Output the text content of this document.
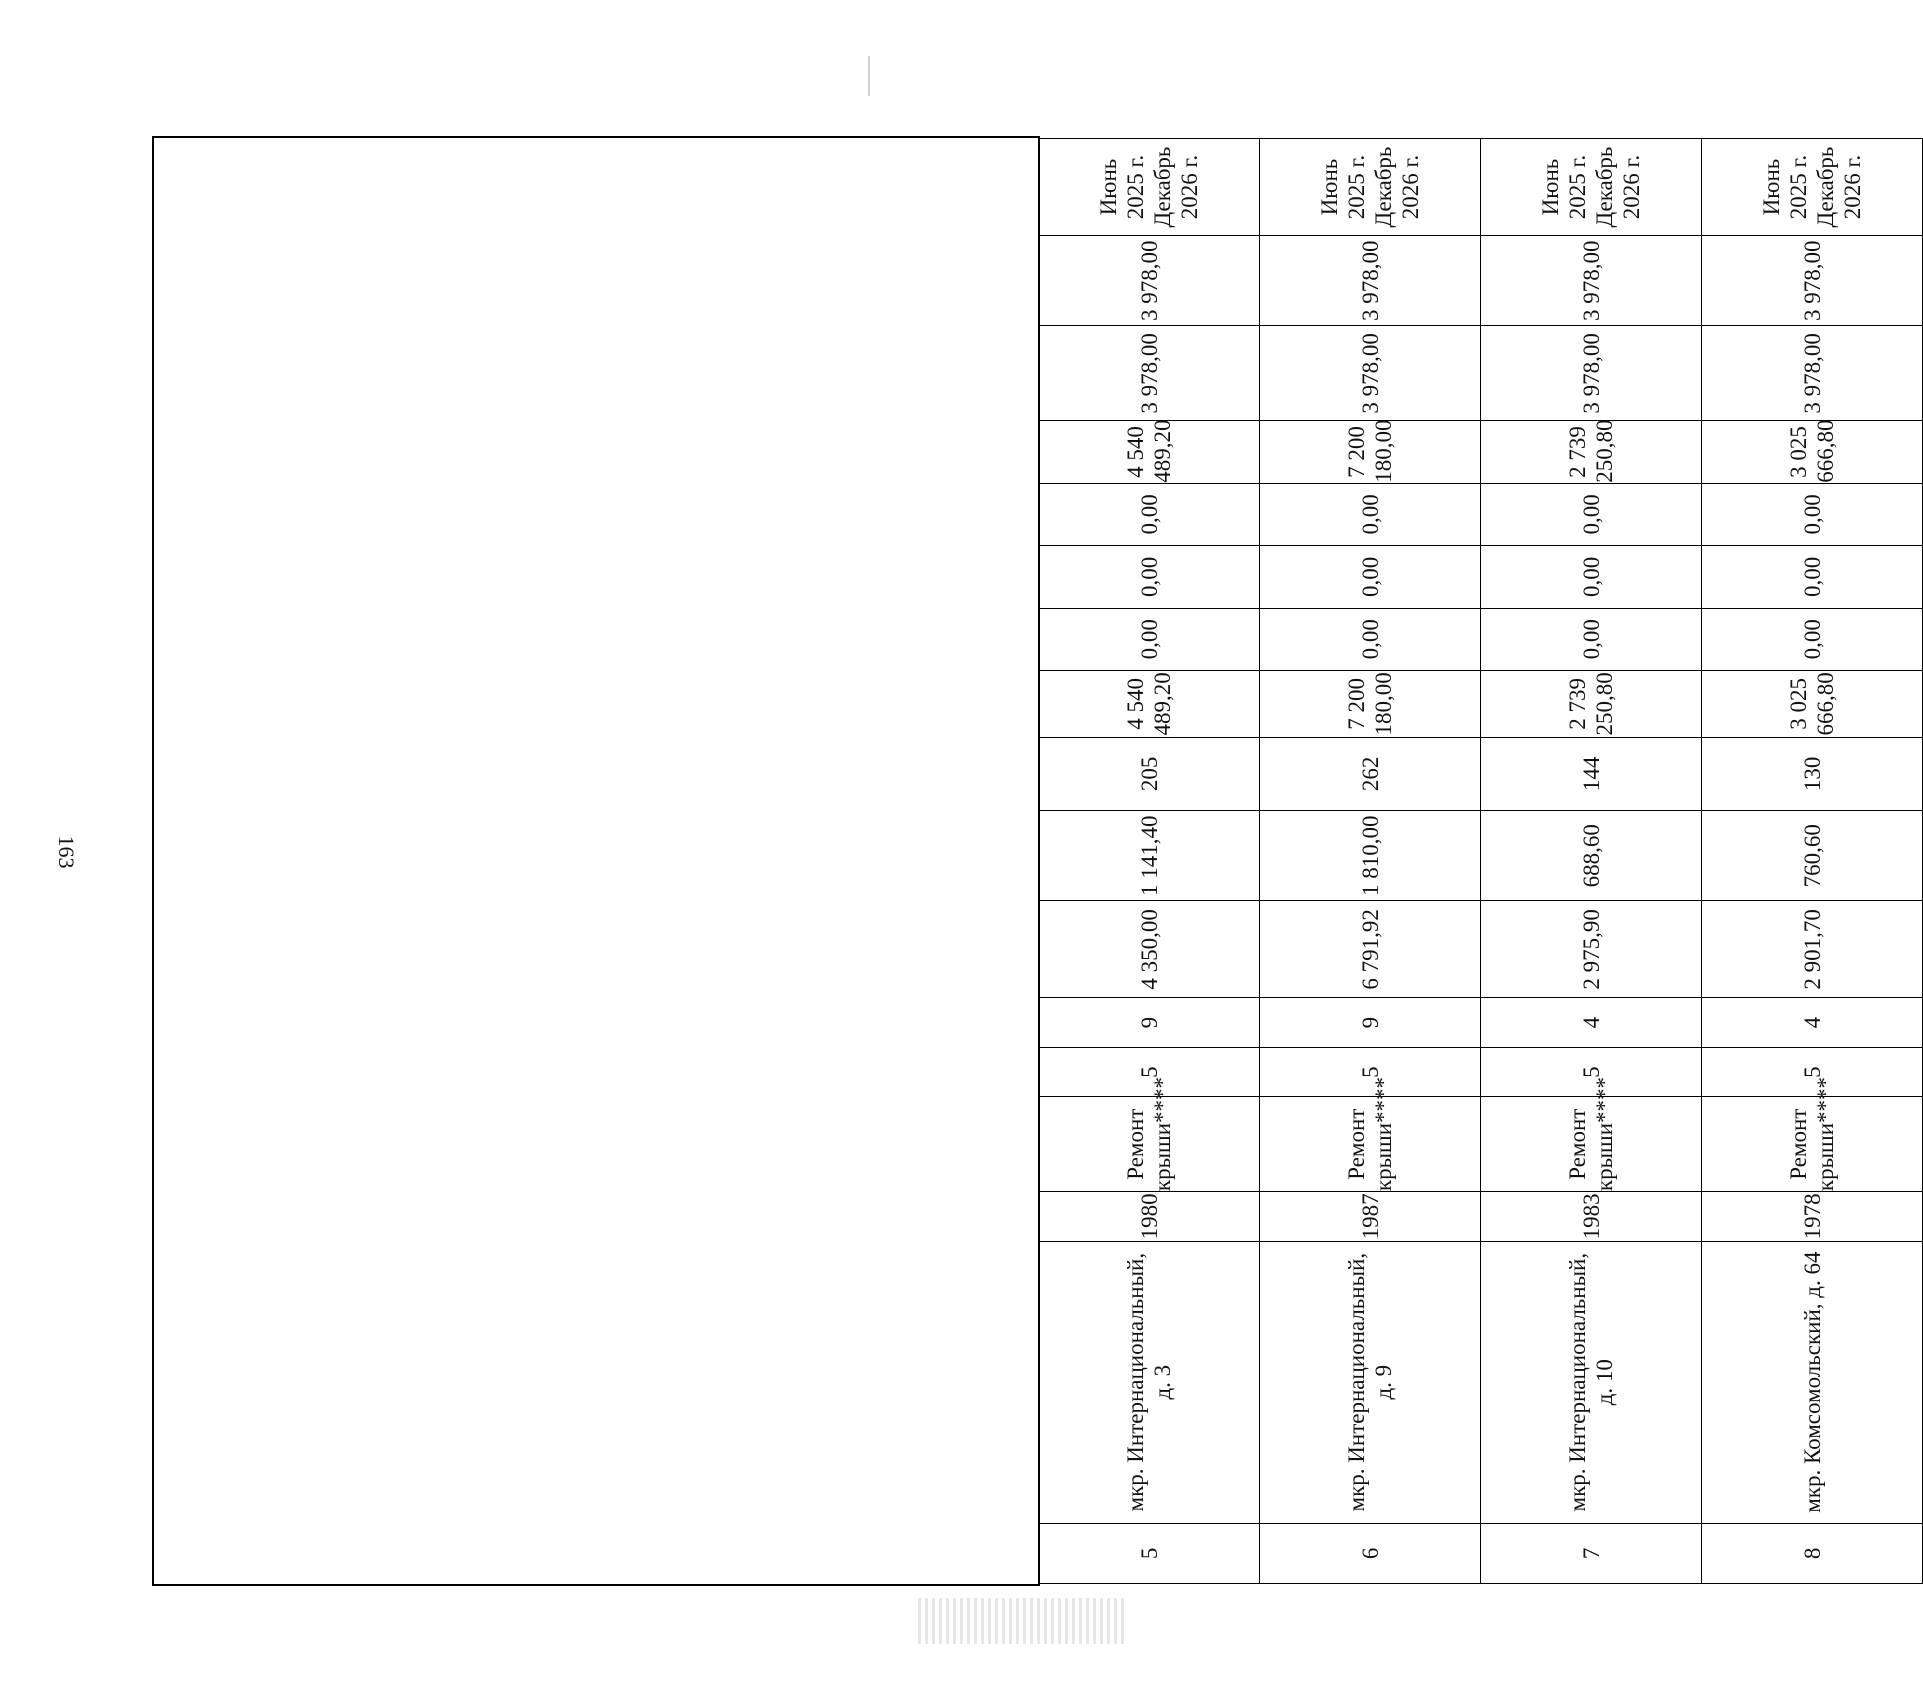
163
5	мкр. Интернациональный, д. 3	1980	Ремонт крыши****	5	9	4 350,00	1 141,40	205	4 540 489,20	0,00	0,00	0,00	4 540 489,20	3 978,00	3 978,00	Июнь 2025 г. Декабрь 2026 г.
6	мкр. Интернациональный, д. 9	1987	Ремонт крыши****	5	9	6 791,92	1 810,00	262	7 200 180,00	0,00	0,00	0,00	7 200 180,00	3 978,00	3 978,00	Июнь 2025 г. Декабрь 2026 г.
7	мкр. Интернациональный, д. 10	1983	Ремонт крыши****	5	4	2 975,90	688,60	144	2 739 250,80	0,00	0,00	0,00	2 739 250,80	3 978,00	3 978,00	Июнь 2025 г. Декабрь 2026 г.
8	мкр. Комсомольский, д. 64	1978	Ремонт крыши****	5	4	2 901,70	760,60	130	3 025 666,80	0,00	0,00	0,00	3 025 666,80	3 978,00	3 978,00	Июнь 2025 г. Декабрь 2026 г.
